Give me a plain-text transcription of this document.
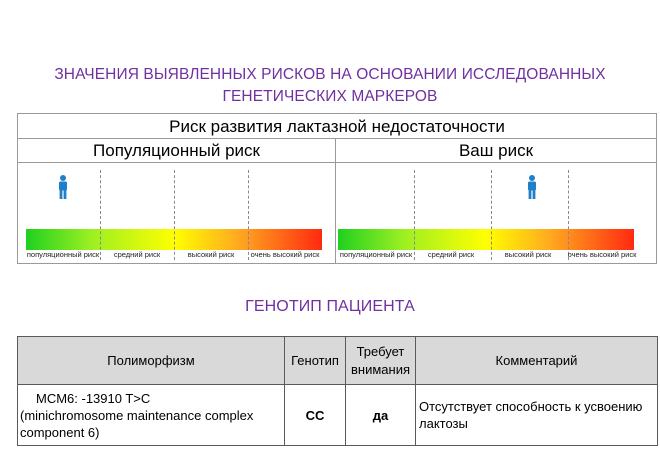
ЗНАЧЕНИЯ ВЫЯВЛЕННЫХ РИСКОВ НА ОСНОВАНИИ ИССЛЕДОВАННЫХ
ГЕНЕТИЧЕСКИХ МАРКЕРОВ
Риск развития лактазной недостаточности
Популяционный риск
популяционный риск	средний риск	высокий риск	очень высокий риск
Ваш риск
популяционный риск	средний риск	высокий риск	очень высокий риск
ГЕНОТИП ПАЦИЕНТА
Полиморфизм	Генотип	Требует внимания	Комментарий

MCM6: -13910 T>C
(minichromosome maintenance complex component 6)	CC	да	Отсутствует способность к усвоению лактозы
